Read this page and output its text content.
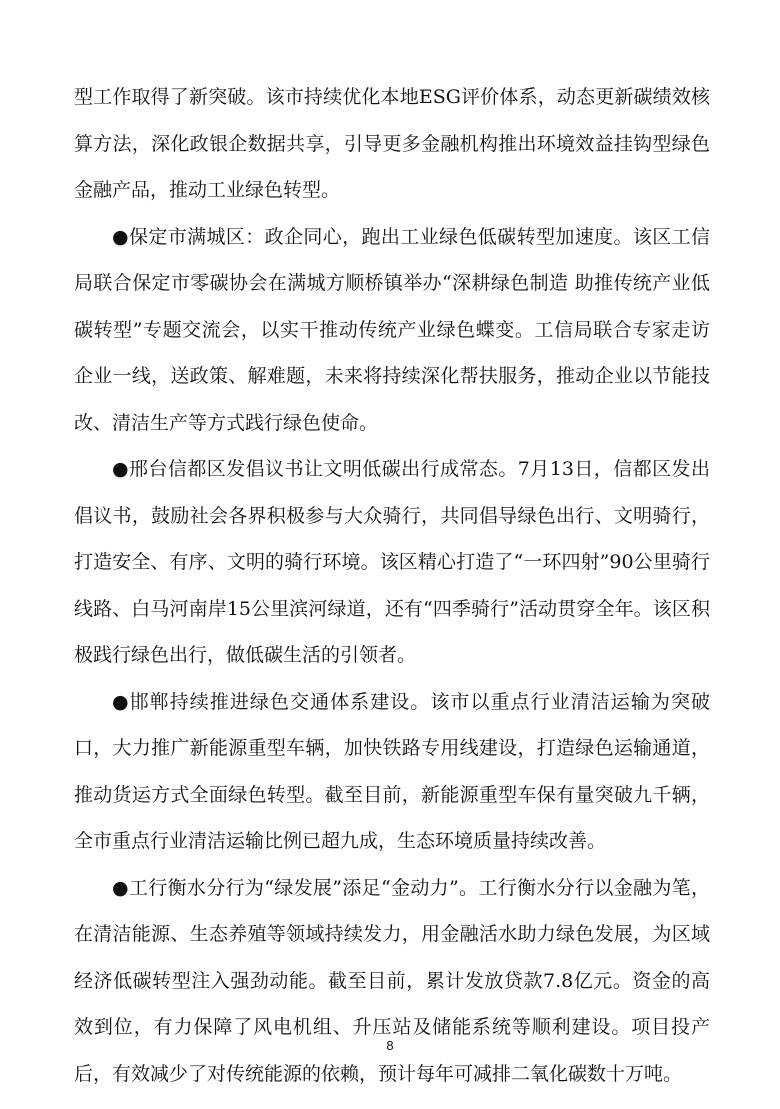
型工作取得了新突破。该市持续优化本地ESG评价体系，动态更新碳绩效核算方法，深化政银企数据共享，引导更多金融机构推出环境效益挂钩型绿色金融产品，推动工业绿色转型。

●保定市满城区：政企同心，跑出工业绿色低碳转型加速度。该区工信局联合保定市零碳协会在满城方顺桥镇举办“深耕绿色制造 助推传统产业低碳转型”专题交流会，以实干推动传统产业绿色蝶变。工信局联合专家走访企业一线，送政策、解难题，未来将持续深化帮扶服务，推动企业以节能技改、清洁生产等方式践行绿色使命。

●邢台信都区发倡议书让文明低碳出行成常态。7月13日，信都区发出倡议书，鼓励社会各界积极参与大众骑行，共同倡导绿色出行、文明骑行，打造安全、有序、文明的骑行环境。该区精心打造了“一环四射”90公里骑行线路、白马河南岸15公里滨河绿道，还有“四季骑行”活动贯穿全年。该区积极践行绿色出行，做低碳生活的引领者。

●邯郸持续推进绿色交通体系建设。该市以重点行业清洁运输为突破口，大力推广新能源重型车辆，加快铁路专用线建设，打造绿色运输通道，推动货运方式全面绿色转型。截至目前，新能源重型车保有量突破九千辆，全市重点行业清洁运输比例已超九成，生态环境质量持续改善。

●工行衡水分行为“绿发展”添足“金动力”。工行衡水分行以金融为笔，在清洁能源、生态养殖等领域持续发力，用金融活水助力绿色发展，为区域经济低碳转型注入强劲动能。截至目前，累计发放贷款7.8亿元。资金的高效到位，有力保障了风电机组、升压站及储能系统等顺利建设。项目投产后，有效减少了对传统能源的依赖，预计每年可减排二氧化碳数十万吨。

8
